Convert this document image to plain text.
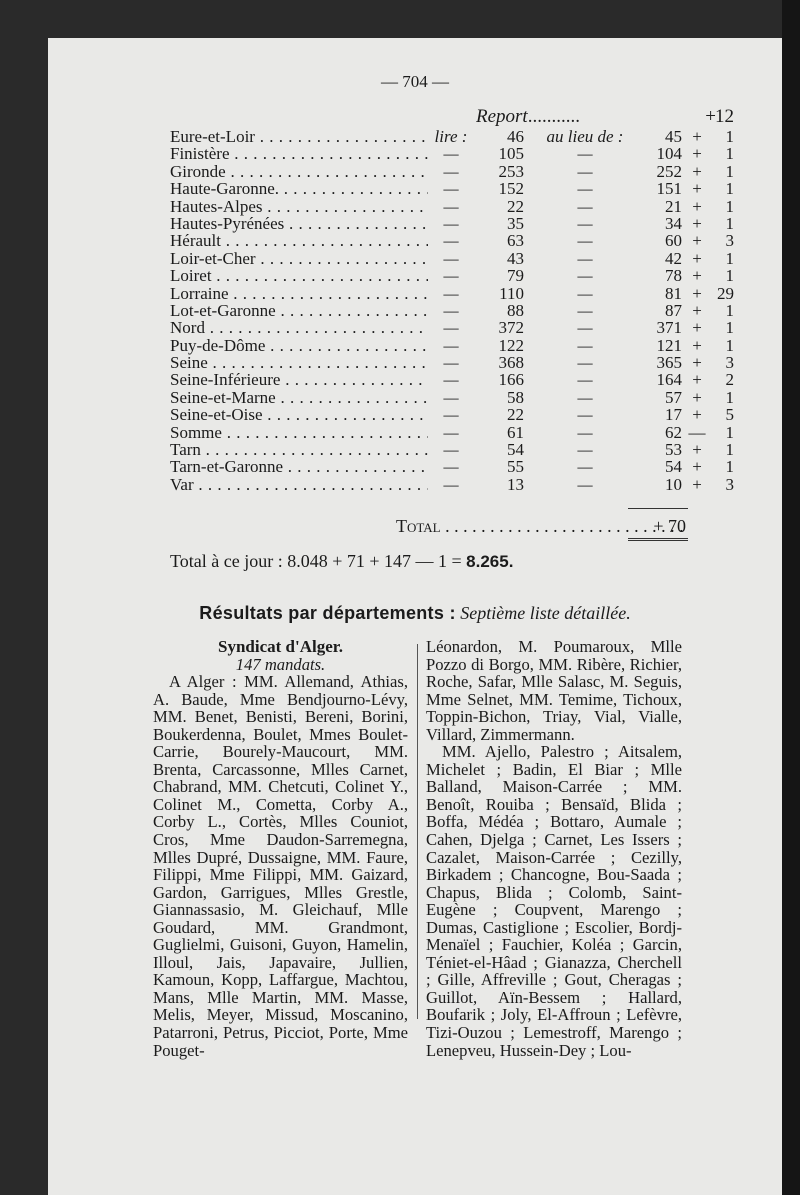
— 704 —
Report...........	+ 12
Eure-et-Loir . . .	lire :	46	au lieu de :	45 +	1
Finistère . . .	—	105	—	104 +	1
Gironde . . .	—	253	—	252 +	1
Haute-Garonne. . . .	—	152	—	151 +	1
Hautes-Alpes . . .	—	22	—	21 +	1
Hautes-Pyrénées . . .	—	35	—	34 +	1
Hérault . . .	—	63	—	60 +	3
Loir-et-Cher . . .	—	43	—	42 +	1
Loiret . . .	—	79	—	78 +	1
Lorraine . . .	—	110	—	81 + 29
Lot-et-Garonne . . .	—	88	—	87 +	1
Nord . . .	—	372	—	371 +	1
Puy-de-Dôme . . .	—	122	—	121 +	1
Seine . . .	—	368	—	365 +	3
Seine-Inférieure . . .	—	166	—	164 +	2
Seine-et-Marne . . .	—	58	—	57 +	1
Seine-et-Oise . . .	—	22	—	17 +	5
Somme . . .	—	61	—	62 —	1
Tarn . . .	—	54	—	53 +	1
Tarn-et-Garonne . . .	—	55	—	54 +	1
Var . . .	—	13	—	10 +	3
Total . . .	+ 70
Total à ce jour : 8.048 + 71 + 147 — 1 = 8.265.
Résultats par départements : Septième liste détaillée.
Syndicat d'Alger.
147 mandats.

A Alger : MM. Allemand, Athias, A. Baude, Mme Bendjourno-Lévy, MM. Benet, Benisti, Bereni, Borini, Boukerdenna, Boulet, Mmes Boulet-Carrie, Bourely-Maucourt, MM. Brenta, Carcassonne, Mlles Carnet, Chabrand, MM. Chetcuti, Colinet Y., Colinet M., Cometta, Corby A., Corby L., Cortès, Mlles Couniot, Cros, Mme Daudon-Sarremegna, Mlles Dupré, Dussaigne, MM. Faure, Filippi, Mme Filippi, MM. Gaizard, Gardon, Garrigues, Mlles Grestle, Giannassasio, M. Gleichauf, Mlle Goudard, MM. Grandmont, Guglielmi, Guisoni, Guyon, Hamelin, Illoul, Jais, Japavaire, Jullien, Kamoun, Kopp, Laffargue, Machtou, Mans, Mlle Martin, MM. Masse, Melis, Meyer, Missud, Moscanino, Patarroni, Petrus, Picciot, Porte, Mme Pouget-

Léonardon, M. Poumaroux, Mlle Pozzo di Borgo, MM. Ribère, Richier, Roche, Safar, Mlle Salasc, M. Seguis, Mme Selnet, MM. Temime, Tichoux, Toppin-Bichon, Triay, Vial, Vialle, Villard, Zimmermann.

MM. Ajello, Palestro ; Aitsalem, Michelet ; Badin, El Biar ; Mlle Balland, Maison-Carrée ; MM. Benoît, Rouiba ; Bensaïd, Blida ; Boffa, Médéa ; Bottaro, Aumale ; Cahen, Djelga ; Carnet, Les Issers ; Cazalet, Maison-Carrée ; Cezilly, Birkadem ; Chancogne, Bou-Saada ; Chapus, Blida ; Colomb, Saint-Eugène ; Coupvent, Marengo ; Dumas, Castiglione ; Escolier, Bordj-Menaïel ; Fauchier, Koléa ; Garcin, Téniet-el-Hâad ; Gianazza, Cherchell ; Gille, Affreville ; Gout, Cheragas ; Guillot, Aïn-Bessem ; Hallard, Boufarik ; Joly, El-Affroun ; Lefèvre, Tizi-Ouzou ; Lemestroff, Marengo ; Lenepveu, Hussein-Dey ; Lou-
